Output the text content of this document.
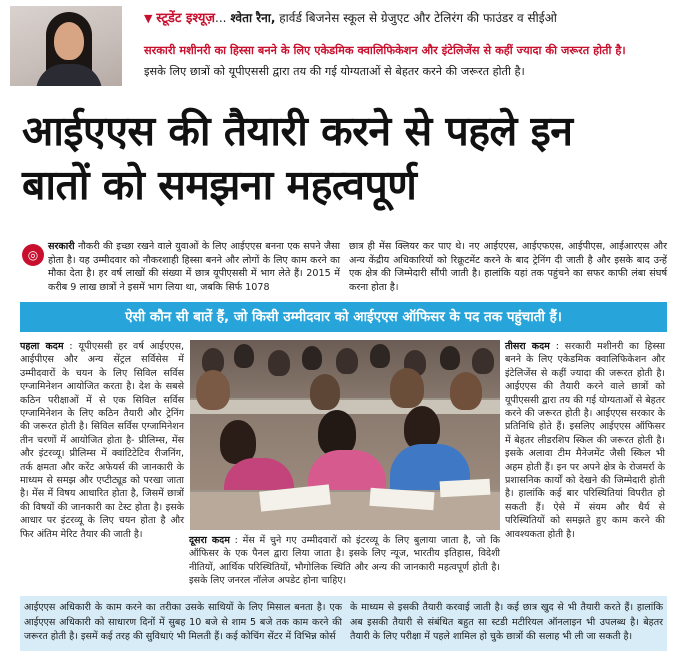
▼ स्टूडेंट इश्यूज़... श्वेता रैना, हार्वर्ड बिजनेस स्कूल से ग्रेजुएट और टेलिरंग की फाउंडर व सीईओ
सरकारी मशीनरी का हिस्सा बनने के लिए एकेडमिक क्वालिफिकेशन और इंटेलिजेंस से कहीं ज्यादा की जरूरत होती है।
इसके लिए छात्रों को यूपीएससी द्वारा तय की गई योग्यताओं से बेहतर करने की जरूरत होती है।
आईएएस की तैयारी करने से पहले इन
बातों को समझना महत्वपूर्ण
◎
सरकारी नौकरी की इच्छा रखने वाले युवाओं के लिए आईएएस बनना एक सपने जैसा होता है। यह उम्मीदवार को नौकरशाही हिस्सा बनने और लोगों के लिए काम करने का मौका देता है। हर वर्ष लाखों की संख्या में छात्र यूपीएससी में भाग लेते हैं। 2015 में करीब 9 लाख छात्रों ने इसमें भाग लिया था, जबकि सिर्फ 1078
छात्र ही मेंस क्लियर कर पाए थे। नए आईएएस, आईएफएस, आईपीएस, आईआरएस और अन्य केंद्रीय अधिकारियों को रिक्रूटमेंट करने के बाद ट्रेनिंग दी जाती है और इसके बाद उन्हें एक क्षेत्र की जिम्मेदारी सौंपी जाती है। हालांकि यहां तक पहुंचने का सफर काफी लंबा संघर्ष करना होता है।
ऐसी कौन सी बातें हैं, जो किसी उम्मीदवार को आईएएस ऑफिसर के पद तक पहुंचाती हैं।
पहला कदम : यूपीएससी हर वर्ष आईएएस, आईपीएस और अन्य सेंट्रल सर्विसेस में उम्मीदवारों के चयन के लिए सिविल सर्विस एग्जामिनेशन आयोजित करता है। देश के सबसे कठिन परीक्षाओं में से एक सिविल सर्विस एग्जामिनेशन के लिए कठिन तैयारी और ट्रेनिंग की जरूरत होती है। सिविल सर्विस एग्जामिनेशन तीन चरणों में आयोजित होता है- प्रीलिम्स, मेंस और इंटरव्यू। प्रीलिम्स में क्वांटिटेटिव रीजनिंग, तर्क क्षमता और करेंट अफेयर्स की जानकारी के माध्यम से समझ और एप्टीट्यूड को परखा जाता है। मेंस में विषय आधारित होता है, जिसमें छात्रों की विषयों की जानकारी का टेस्ट होता है। इसके आधार पर इंटरव्यू के लिए चयन होता है और फिर अंतिम मेरिट तैयार की जाती है।
दूसरा कदम : मेंस में चुने गए उम्मीदवारों को इंटरव्यू के लिए बुलाया जाता है, जो कि ऑफिसर के एक पैनल द्वारा लिया जाता है। इसके लिए न्यूज, भारतीय इतिहास, विदेशी नीतियों, आर्थिक परिस्थितियों, भौगोलिक स्थिति और अन्य की जानकारी महत्वपूर्ण होती है। इसके लिए जनरल नॉलेज अपडेट होना चाहिए।
तीसरा कदम : सरकारी मशीनरी का हिस्सा बनने के लिए एकेडमिक क्वालिफिकेशन और इंटेलिजेंस से कहीं ज्यादा की जरूरत होती है। आईएएस की तैयारी करने वाले छात्रों को यूपीएससी द्वारा तय की गई योग्यताओं से बेहतर करने की जरूरत होती है। आईएएस सरकार के प्रतिनिधि होते हैं। इसलिए आईएएस ऑफिसर में बेहतर लीडरशिप स्किल की जरूरत होती है। इसके अलावा टीम मैनेजमेंट जैसी स्किल भी अहम होती हैं। इन पर अपने क्षेत्र के रोजमर्रा के प्रशासनिक कार्यों को देखने की जिम्मेदारी होती है। हालांकि कई बार परिस्थितियां विपरीत हो सकती हैं। ऐसे में संयम और धैर्य से परिस्थितियों को समझते हुए काम करने की आवश्यकता होती है।
आईएएस अधिकारी के काम करने का तरीका उसके साथियों के लिए मिसाल बनता है। एक आईएएस अधिकारी को साधारण दिनों में सुबह 10 बजे से शाम 5 बजे तक काम करने की जरूरत होती है। इसमें कई तरह की सुविधाएं भी मिलती हैं। कई कोचिंग सेंटर में विभिन्न कोर्स
के माध्यम से इसकी तैयारी करवाई जाती है। कई छात्र खुद से भी तैयारी करते हैं। हालांकि अब इसकी तैयारी से संबंधित बहुत सा स्टडी मटीरियल ऑनलाइन भी उपलब्ध है। बेहतर तैयारी के लिए परीक्षा में पहले शामिल हो चुके छात्रों की सलाह भी ली जा सकती है।
